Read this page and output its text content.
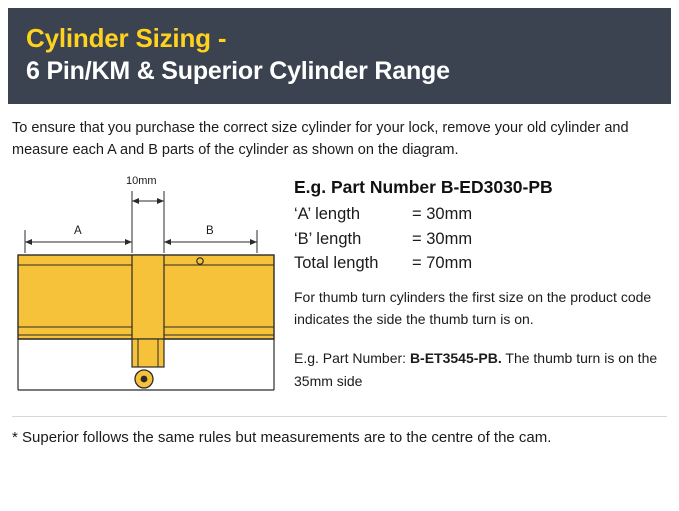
Cylinder Sizing -
6 Pin/KM & Superior Cylinder Range

To ensure that you purchase the correct size cylinder for your lock, remove your old cylinder and measure each A and B parts of the cylinder as shown on the diagram.

10mm
A	B
E.g. Part Number B-ED3030-PB
‘A’ length	= 30mm
‘B’ length	= 30mm
Total length	= 70mm

For thumb turn cylinders the first size on the product code indicates the side the thumb turn is on.

E.g. Part Number: B-ET3545-PB. The thumb turn is on the 35mm side

* Superior follows the same rules but measurements are to the centre of the cam.
